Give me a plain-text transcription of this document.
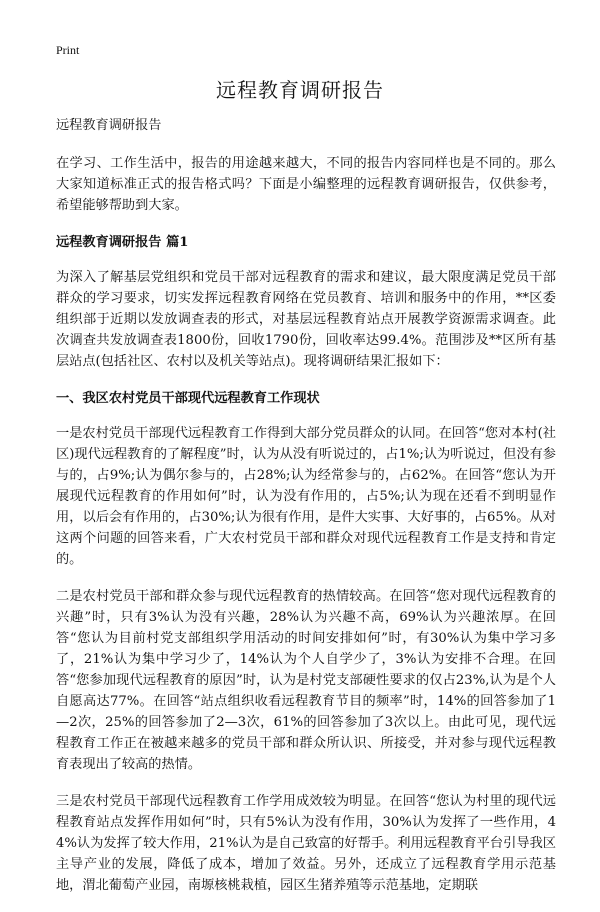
Print
远程教育调研报告

远程教育调研报告

在学习、工作生活中，报告的用途越来越大，不同的报告内容同样也是不同的。那么大家知道标准正式的报告格式吗？下面是小编整理的远程教育调研报告，仅供参考，希望能够帮助到大家。

远程教育调研报告 篇1

为深入了解基层党组织和党员干部对远程教育的需求和建议，最大限度满足党员干部群众的学习要求，切实发挥远程教育网络在党员教育、培训和服务中的作用，**区委组织部于近期以发放调查表的形式，对基层远程教育站点开展教学资源需求调查。此次调查共发放调查表1800份，回收1790份，回收率达99.4%。范围涉及**区所有基层站点(包括社区、农村以及机关等站点)。现将调研结果汇报如下：

一、我区农村党员干部现代远程教育工作现状

一是农村党员干部现代远程教育工作得到大部分党员群众的认同。在回答“您对本村(社区)现代远程教育的了解程度”时，认为从没有听说过的，占1%;认为听说过，但没有参与的，占9%;认为偶尔参与的，占28%;认为经常参与的，占62%。在回答“您认为开展现代远程教育的作用如何”时，认为没有作用的，占5%;认为现在还看不到明显作用，以后会有作用的，占30%;认为很有作用，是件大实事、大好事的，占65%。从对这两个问题的回答来看，广大农村党员干部和群众对现代远程教育工作是支持和肯定的。

二是农村党员干部和群众参与现代远程教育的热情较高。在回答“您对现代远程教育的兴趣”时，只有3%认为没有兴趣，28%认为兴趣不高，69%认为兴趣浓厚。在回答“您认为目前村党支部组织学用活动的时间安排如何”时，有30%认为集中学习多了，21%认为集中学习少了，14%认为个人自学少了，3%认为安排不合理。在回答“您参加现代远程教育的原因”时，认为是村党支部硬性要求的仅占23%,认为是个人自愿高达77%。在回答“站点组织收看远程教育节目的频率”时，14%的回答参加了1—2次，25%的回答参加了2—3次，61%的回答参加了3次以上。由此可见，现代远程教育工作正在被越来越多的党员干部和群众所认识、所接受，并对参与现代远程教育表现出了较高的热情。

三是农村党员干部现代远程教育工作学用成效较为明显。在回答“您认为村里的现代远程教育站点发挥作用如何”时，只有5%认为没有作用，30%认为发挥了一些作用，44%认为发挥了较大作用，21%认为是自己致富的好帮手。利用远程教育平台引导我区主导产业的发展，降低了成本，增加了效益。另外，还成立了远程教育学用示范基地，渭北葡萄产业园，南塬核桃栽植，园区生猪养殖等示范基地，定期联
